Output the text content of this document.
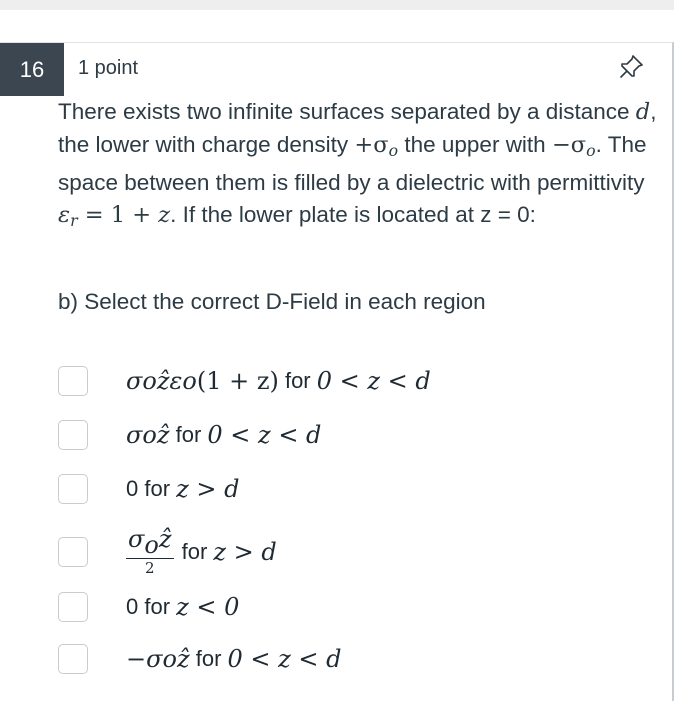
16	1 point
There exists two infinite surfaces separated by a distance d, the lower with charge density $+\sigma_o$ the upper with $-\sigma_o$. The space between them is filled by a dielectric with permittivity $\varepsilon_r = 1 + z$. If the lower plate is located at z = 0:
b) Select the correct D-Field in each region
σ o ẑε o (1 + z) for 0 < z < d
σ o ẑ for 0 < z < d
0 for z > d
$\frac{\text{σoẑ}}{2}$ for z > d
0 for z < 0
−σ o ẑ for 0 < z < d
